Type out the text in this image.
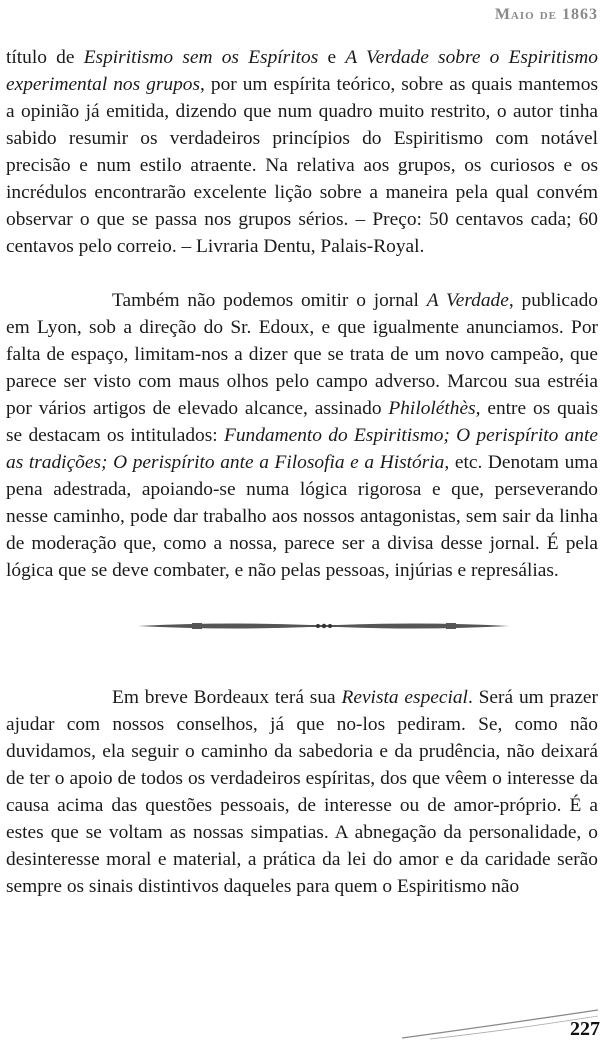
Maio de 1863

título de Espiritismo sem os Espíritos e A Verdade sobre o Espiritismo experimental nos grupos, por um espírita teórico, sobre as quais mantemos a opinião já emitida, dizendo que num quadro muito restrito, o autor tinha sabido resumir os verdadeiros princípios do Espiritismo com notável precisão e num estilo atraente. Na relativa aos grupos, os curiosos e os incrédulos encontrarão excelente lição sobre a maneira pela qual convém observar o que se passa nos grupos sérios. – Preço: 50 centavos cada; 60 centavos pelo correio. – Livraria Dentu, Palais-Royal.

Também não podemos omitir o jornal A Verdade, publicado em Lyon, sob a direção do Sr. Edoux, e que igualmente anunciamos. Por falta de espaço, limitam-nos a dizer que se trata de um novo campeão, que parece ser visto com maus olhos pelo campo adverso. Marcou sua estréia por vários artigos de elevado alcance, assinado Philoléthès, entre os quais se destacam os intitulados: Fundamento do Espiritismo; O perispírito ante as tradições; O perispírito ante a Filosofia e a História, etc. Denotam uma pena adestrada, apoiando-se numa lógica rigorosa e que, perseverando nesse caminho, pode dar trabalho aos nossos antagonistas, sem sair da linha de moderação que, como a nossa, parece ser a divisa desse jornal. É pela lógica que se deve combater, e não pelas pessoas, injúrias e represálias.

Em breve Bordeaux terá sua Revista especial. Será um prazer ajudar com nossos conselhos, já que no-los pediram. Se, como não duvidamos, ela seguir o caminho da sabedoria e da prudência, não deixará de ter o apoio de todos os verdadeiros espíritas, dos que vêem o interesse da causa acima das questões pessoais, de interesse ou de amor-próprio. É a estes que se voltam as nossas simpatias. A abnegação da personalidade, o desinteresse moral e material, a prática da lei do amor e da caridade serão sempre os sinais distintivos daqueles para quem o Espiritismo não

227
